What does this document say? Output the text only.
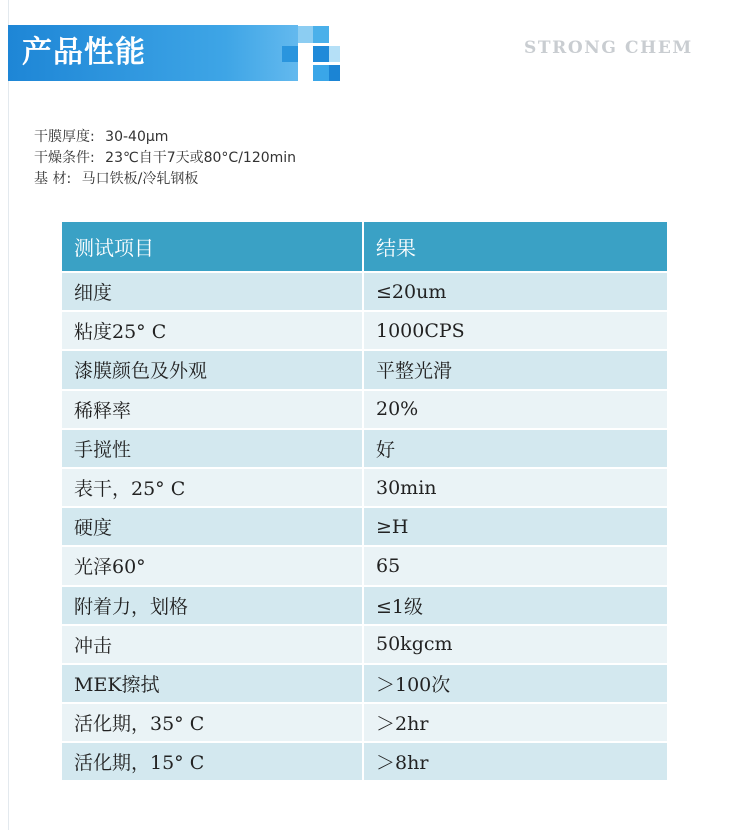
产品性能	STRONG CHEM
干膜厚度: 30-40μm
干燥条件: 23℃自干7天或80°C/120min
基 材: 马口铁板/冷轧钢板
测试项目	结果
细度	≤20um
粘度25° C	1000CPS
漆膜颜色及外观	平整光滑
稀释率	20%
手搅性	好
表干，25° C	30min
硬度	≥H
光泽60°	65
附着力，划格	≤1级
冲击	50kgcm
MEK擦拭	＞100次
活化期，35° C	＞2hr
活化期，15° C	＞8hr
